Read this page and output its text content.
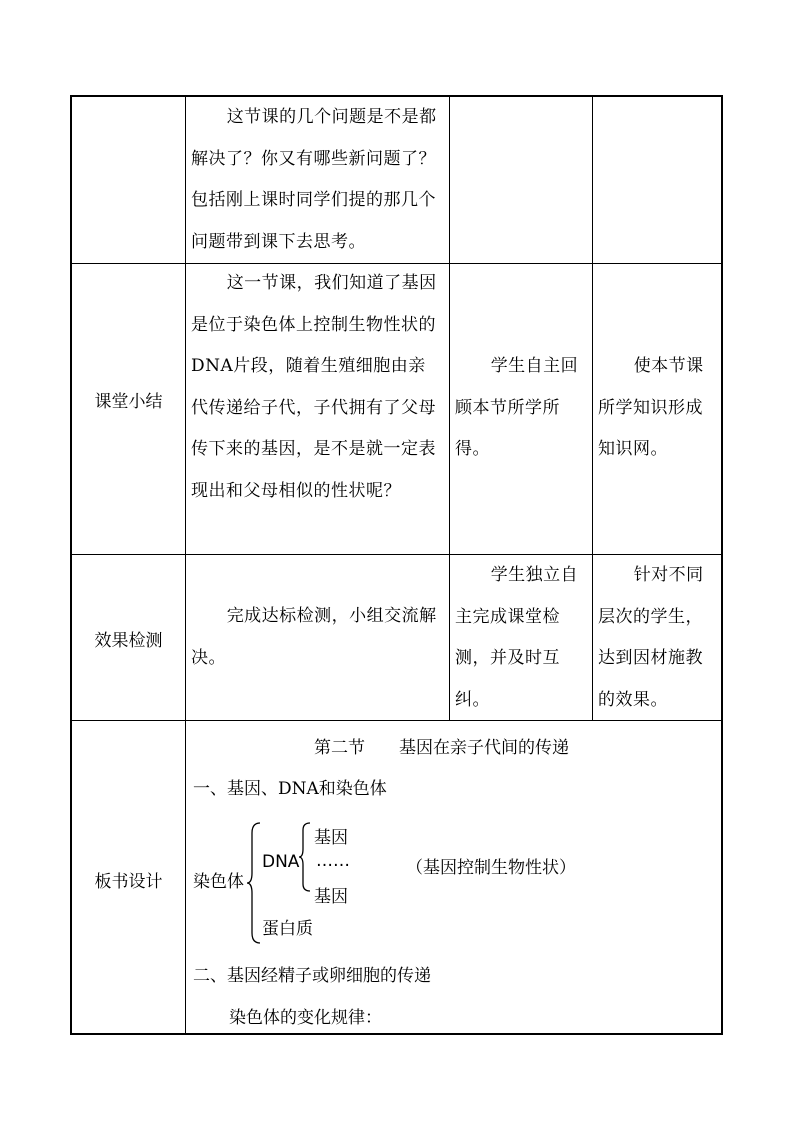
这节课的几个问题是不是都解决了？你又有哪些新问题了？包括刚上课时同学们提的那几个问题带到课下去思考。
课堂小结
这一节课，我们知道了基因是位于染色体上控制生物性状的DNA片段，随着生殖细胞由亲代传递给子代，子代拥有了父母传下来的基因，是不是就一定表现出和父母相似的性状呢？
学生自主回顾本节所学所得。
使本节课所学知识形成知识网。
效果检测
完成达标检测，小组交流解决。
学生独立自主完成课堂检测，并及时互纠。
针对不同层次的学生，达到因材施教的效果。
板书设计
第二节　　基因在亲子代间的传递
一、基因、DNA和染色体
染色体
DNA
基因
……
基因
蛋白质
（基因控制生物性状）
二、基因经精子或卵细胞的传递
染色体的变化规律：
